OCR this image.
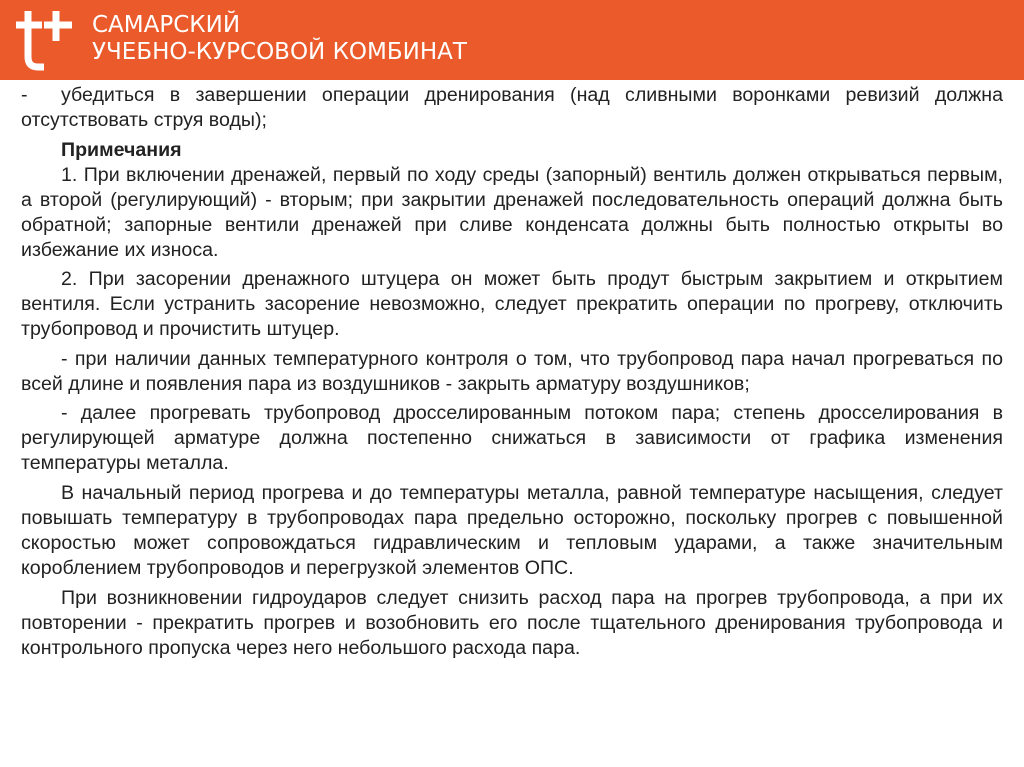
САМАРСКИЙ
УЧЕБНО-КУРСОВОЙ КОМБИНАТ

- убедиться в завершении операции дренирования (над сливными воронками ревизий должна отсутствовать струя воды);

Примечания

1. При включении дренажей, первый по ходу среды (запорный) вентиль должен открываться первым, а второй (регулирующий) - вторым; при закрытии дренажей последовательность операций должна быть обратной; запорные вентили дренажей при сливе конденсата должны быть полностью открыты во избежание их износа.

2. При засорении дренажного штуцера он может быть продут быстрым закрытием и открытием вентиля. Если устранить засорение невозможно, следует прекратить операции по прогреву, отключить трубопровод и прочистить штуцер.

- при наличии данных температурного контроля о том, что трубопровод пара начал прогреваться по всей длине и появления пара из воздушников - закрыть арматуру воздушников;

- далее прогревать трубопровод дросселированным потоком пара; степень дросселирования в регулирующей арматуре должна постепенно снижаться в зависимости от графика изменения температуры металла.

В начальный период прогрева и до температуры металла, равной температуре насыщения, следует повышать температуру в трубопроводах пара предельно осторожно, поскольку прогрев с повышенной скоростью может сопровождаться гидравлическим и тепловым ударами, а также значительным короблением трубопроводов и перегрузкой элементов ОПС.

При возникновении гидроударов следует снизить расход пара на прогрев трубопровода, а при их повторении - прекратить прогрев и возобновить его после тщательного дренирования трубопровода и контрольного пропуска через него небольшого расхода пара.
